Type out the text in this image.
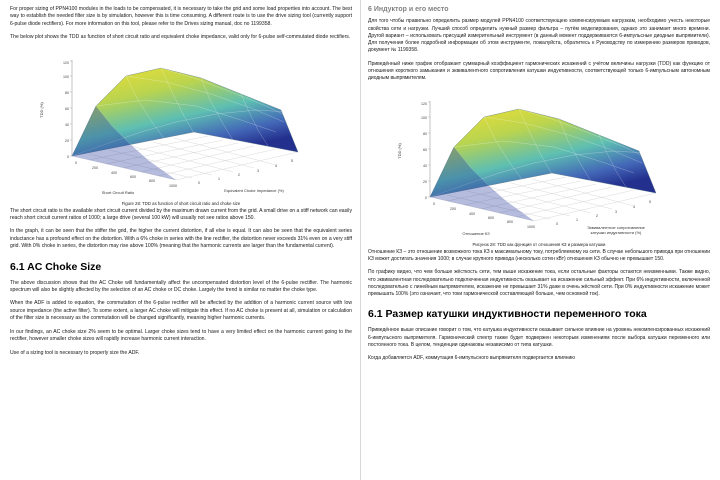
For proper sizing of PPN4100 modules in the loads to be compensated, it is necessary to take the grid and some load properties into account. The best way to establish the needed filter size is by simulation, however this is time consuming. A different route is to use the drive sizing tool (currently support 6-pulse diode rectifiers). For more information on this tool, please refer to the Drives sizing manual, doc no 1199358.

The below plot shows the TDD as function of short circuit ratio and equivalent choke impedance, valid only for 6-pulse self-commutated diode rectifiers.

0
20
40
60
80
100
120
0
200
400
600
800
1000
0
1
2
3
4
5
TDD (%)
Short Circuit Ratio	Equivalent Choke Impedance (%)
Figure 28: TDD as function of short circuit ratio and choke size

The short circuit ratio is the available short circuit current divided by the maximum drawn current from the grid. A small drive on a stiff network can easily reach short circuit current ratios of 1000; a large drive (several 100 kW) will usually not see ratios above 150.

In the graph, it can be seen that the stiffer the grid, the higher the current distortion, if all else is equal. It can also be seen that the equivalent series inductance has a profound effect on the distortion. With a 6% choke in series with the line rectifier, the distortion never exceeds 31% even on a very stiff grid. With 0% choke in series, the distortion may rise above 100% (meaning that the harmonic currents are larger than the fundamental current).

6.1 AC Choke Size

The above discussion shows that the AC Choke will fundamentally affect the uncompensated distortion level of the 6-pulse rectifier. The harmonic spectrum will also be slightly affected by the selection of an AC choke or DC choke. Largely the trend is similar no matter the choke type.

When the ADF is added to equation, the commutation of the 6-pulse rectifier will be affected by the addition of a harmonic current source with low source impedance (the active filter). To some extent, a larger AC choke will mitigate this effect. If no AC choke is present at all, simulation or calculation of the filter size is necessary as the commutation will be changed significantly, meaning higher harmonic currents.

In our findings, an AC choke size 2% seem to be optimal. Larger choke sizes tend to have a very limited effect on the harmonic current going to the rectifier, however smaller choke sizes will rapidly increase harmonic current interaction.

Use of a sizing tool is necessary to properly size the ADF.

6 Индуктор и его место

Для того чтобы правильно определить размер модулей PPN4100 соответствующею компенсируемым нагрузкам, необходимо учесть некоторые свойства сети и нагрузки. Лучший способ определить нужный размер фильтра – путём моделирования, однако это занимает много времени. Другой вариант – использовать присущий измерительный инструмент (в данный момент поддерживаются 6-импульсные диодные выпрямители). Для получения более подробной информации об этом инструменте, пожалуйста, обратитесь к Руководству по измерению размеров приводов, документ № 1199358.

Приведённый ниже график отображает суммарный коэффициент гармонических искажений с учётом величины нагрузки (TDD) как функцию от отношения короткого замыкания и эквивалентного сопротивления катушки индуктивности, соответствующей только 6-импульсным автономным диодным выпрямителям.

0
20
40
60
80
100
120
0
200
400
600
800
1000
0
1
2
3
4
5
TDD (%)
Отношение КЗ
Эквивалентное сопротивление
катушки индуктивности (%)
Рисунок 28: TDD как функция от отношения КЗ и размера катушки

Отношение КЗ – это отношение возможного тока КЗ к максимальному току, потребляемому из сети. В случае небольшого привода при отношении КЗ может достигать значения 1000; в случае крупного привода (несколько сотен кВт) отношения КЗ обычно не превышает 150.

По графику видно, что чем больше жёсткость сети, тем выше искажение тока, если остальные факторы остаются неизменными. Также видно, что эквивалентная последовательно подключенная индуктивность оказывает на искажение сильный эффект. При 6% индуктивности, включенной последовательно с линейным выпрямителем, искажение не превышает 31% даже в очень жёсткой сети. При 0% индуктивности искажение может превышать 100% (это означает, что токи гармонической составляющей больше, чем основной ток).

6.1 Размер катушки индуктивности переменного тока

Приведённое выше описание говорит о том, что катушка индуктивности оказывает сильное влияние на уровень некомпенсированных искажений 6-импульсного выпрямителя. Гармонический спектр также будет подвержен некоторым изменениям после выбора катушки переменного или постоянного тока. В целом, тенденции одинаковы независимо от типа катушки.

Когда добавляется ADF, коммутация 6-импульсного выпрямителя подвергается влиянию
